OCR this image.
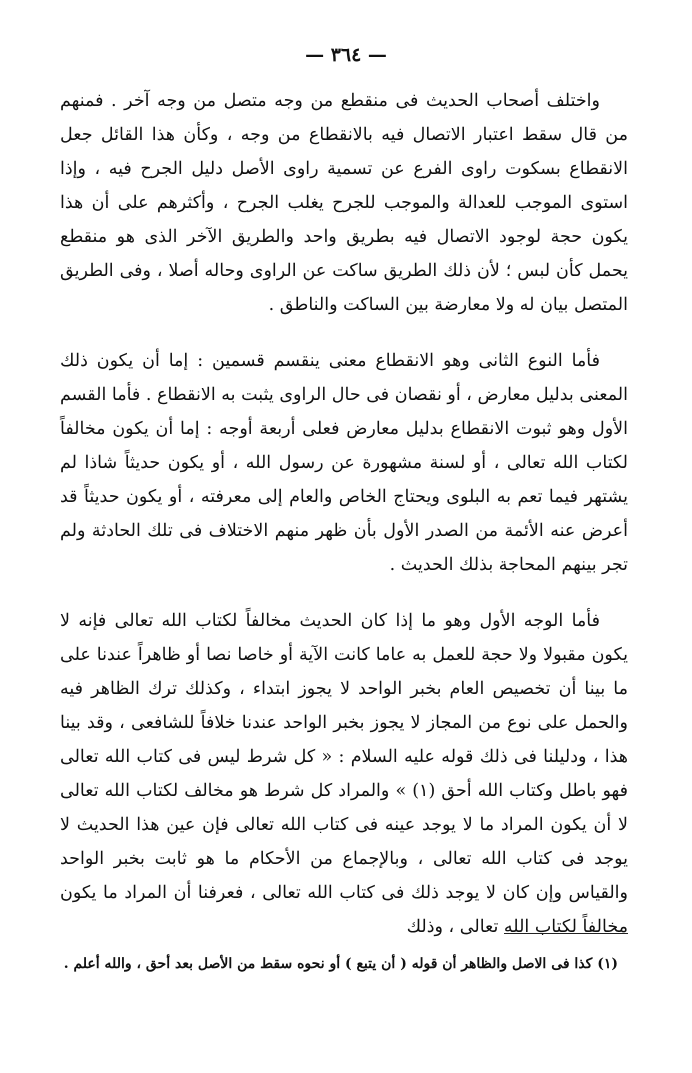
— ٣٦٤ —

واختلف أصحاب الحديث فى منقطع من وجه متصل من وجه آخر . فمنهم من قال سقط اعتبار الاتصال فيه بالانقطاع من وجه ، وكأن هذا القائل جعل الانقطاع بسكوت راوى الفرع عن تسمية راوى الأصل دليل الجرح فيه ، وإذا استوى الموجب للعدالة والموجب للجرح يغلب الجرح ، وأكثرهم على أن هذا يكون حجة لوجود الاتصال فيه بطريق واحد والطريق الآخر الذى هو منقطع يحمل كأن لبس ؛ لأن ذلك الطريق ساكت عن الراوى وحاله أصلا ، وفى الطريق المتصل بيان له ولا معارضة بين الساكت والناطق .

فأما النوع الثانى وهو الانقطاع معنى ينقسم قسمين : إما أن يكون ذلك المعنى بدليل معارض ، أو نقصان فى حال الراوى يثبت به الانقطاع . فأما القسم الأول وهو ثبوت الانقطاع بدليل معارض فعلى أربعة أوجه : إما أن يكون مخالفاً لكتاب الله تعالى ، أو لسنة مشهورة عن رسول الله ، أو يكون حديثاً شاذا لم يشتهر فيما تعم به البلوى ويحتاج الخاص والعام إلى معرفته ، أو يكون حديثاً قد أعرض عنه الأئمة من الصدر الأول بأن ظهر منهم الاختلاف فى تلك الحادثة ولم تجر بينهم المحاجة بذلك الحديث .

فأما الوجه الأول وهو ما إذا كان الحديث مخالفاً لكتاب الله تعالى فإنه لا يكون مقبولا ولا حجة للعمل به عاما كانت الآية أو خاصا نصا أو ظاهراً عندنا على ما بينا أن تخصيص العام بخبر الواحد لا يجوز ابتداء ، وكذلك ترك الظاهر فيه والحمل على نوع من المجاز لا يجوز بخبر الواحد عندنا خلافاً للشافعى ، وقد بينا هذا ، ودليلنا فى ذلك قوله عليه السلام : « كل شرط ليس فى كتاب الله تعالى فهو باطل وكتاب الله أحق (١) » والمراد كل شرط هو مخالف لكتاب الله تعالى لا أن يكون المراد ما لا يوجد عينه فى كتاب الله تعالى فإن عين هذا الحديث لا يوجد فى كتاب الله تعالى ، وبالإجماع من الأحكام ما هو ثابت بخبر الواحد والقياس وإن كان لا يوجد ذلك فى كتاب الله تعالى ، فعرفنا أن المراد ما يكون مخالفاً لكتاب الله تعالى ، وذلك

(١) كذا فى الاصل والظاهر أن قوله ( أن يتبع ) أو نحوه سقط من الأصل بعد أحق ، والله أعلم .
